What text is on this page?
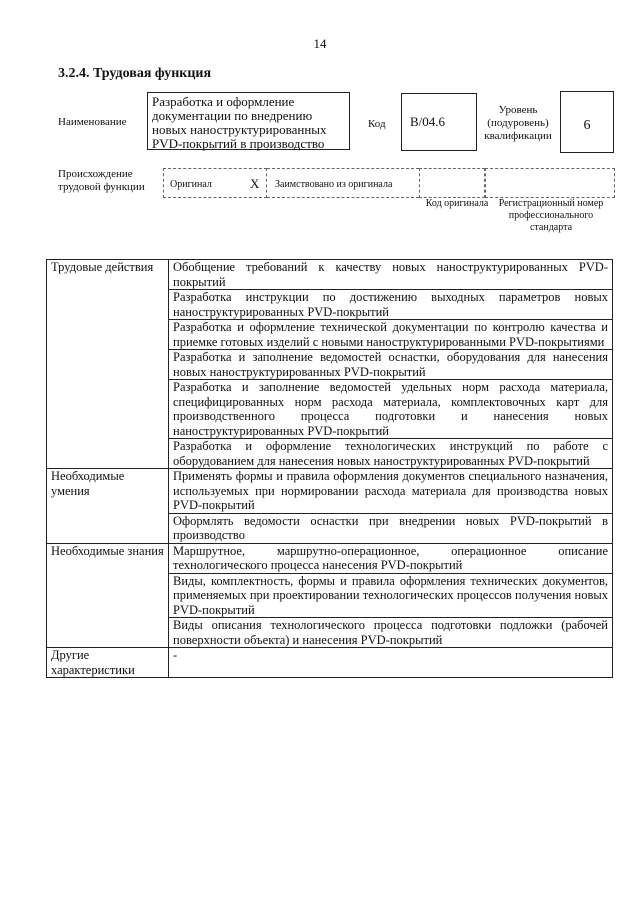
14
3.2.4. Трудовая функция
Наименование
Разработка и оформление документации по внедрению новых наноструктурированных PVD-покрытий в производство
Код	B/04.6
Уровень (подуровень) квалификации
6
Происхождение трудовой функции	Оригинал	X	Заимствовано из оригинала
Код оригинала Регистрационный номер профессионального стандарта
Трудовые действия	Обобщение требований к качеству новых наноструктурированных PVD-покрытий
	Разработка инструкции по достижению выходных параметров новых наноструктурированных PVD-покрытий
	Разработка и оформление технической документации по контролю качества и приемке готовых изделий с новыми наноструктурированными PVD-покрытиями
	Разработка и заполнение ведомостей оснастки, оборудования для нанесения новых наноструктурированных PVD-покрытий
	Разработка и заполнение ведомостей удельных норм расхода материала, специфицированных норм расхода материала, комплектовочных карт для производственного процесса подготовки и нанесения новых наноструктурированных PVD-покрытий
	Разработка и оформление технологических инструкций по работе с оборудованием для нанесения новых наноструктурированных PVD-покрытий
Необходимые умения	Применять формы и правила оформления документов специального назначения, используемых при нормировании расхода материала для производства новых PVD-покрытий
	Оформлять ведомости оснастки при внедрении новых PVD-покрытий в производство
Необходимые знания	Маршрутное, маршрутно-операционное, операционное описание технологического процесса нанесения PVD-покрытий
	Виды, комплектность, формы и правила оформления технических документов, применяемых при проектировании технологических процессов получения новых PVD-покрытий
	Виды описания технологического процесса подготовки подложки (рабочей поверхности объекта) и нанесения PVD-покрытий
Другие характеристики	-
